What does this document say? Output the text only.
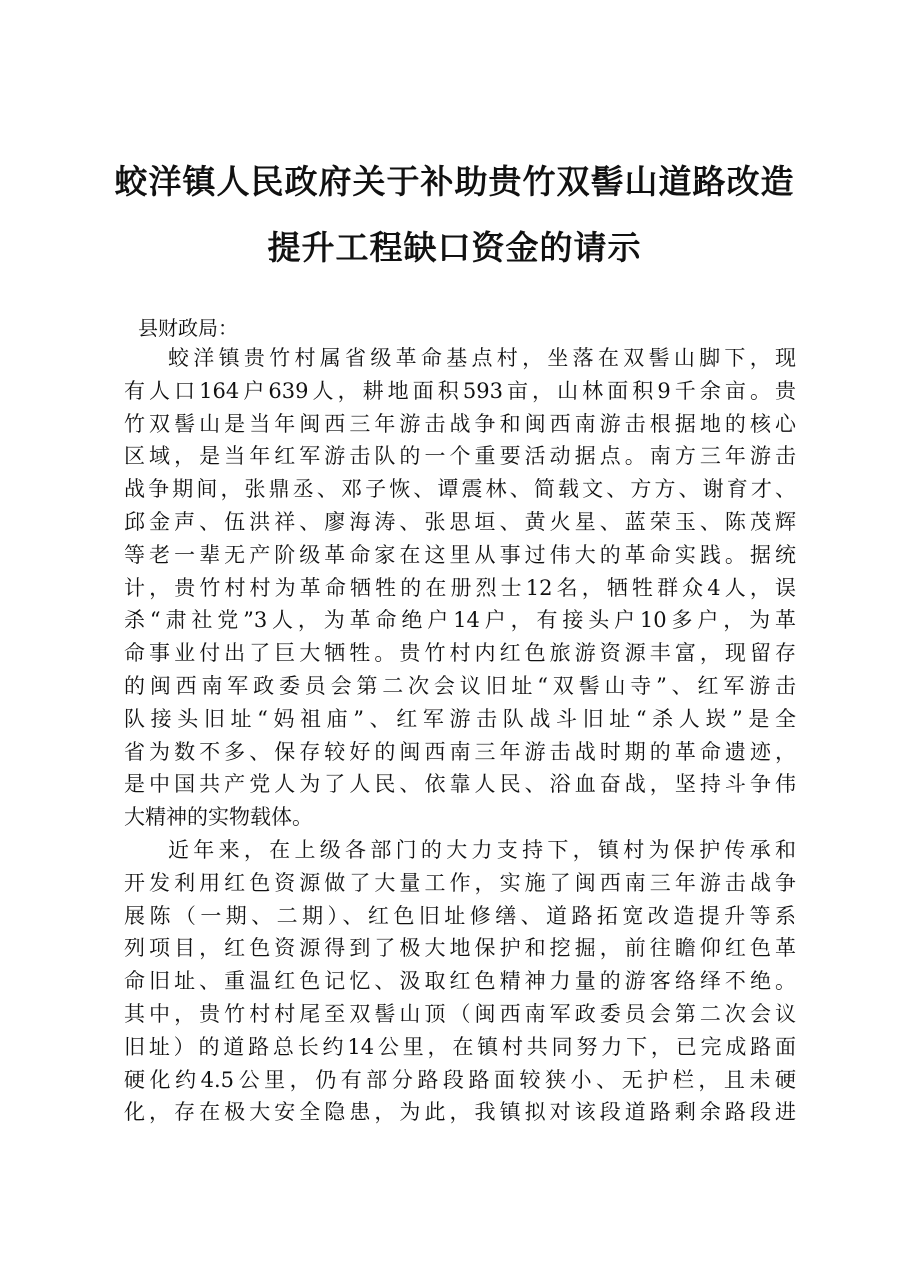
蛟洋镇人民政府关于补助贵竹双髻山道路改造
提升工程缺口资金的请示
县财政局：
蛟洋镇贵竹村属省级革命基点村，坐落在双髻山脚下，现
有人口164户639人，耕地面积593亩，山林面积9千余亩。贵
竹双髻山是当年闽西三年游击战争和闽西南游击根据地的核心
区域，是当年红军游击队的一个重要活动据点。南方三年游击
战争期间，张鼎丞、邓子恢、谭震林、简载文、方方、谢育才、
邱金声、伍洪祥、廖海涛、张思垣、黄火星、蓝荣玉、陈茂辉
等老一辈无产阶级革命家在这里从事过伟大的革命实践。据统
计，贵竹村村为革命牺牲的在册烈士12名，牺牲群众4人，误
杀“肃社党”3人，为革命绝户14户，有接头户10多户，为革
命事业付出了巨大牺牲。贵竹村内红色旅游资源丰富，现留存
的闽西南军政委员会第二次会议旧址“双髻山寺”、红军游击
队接头旧址“妈祖庙”、红军游击队战斗旧址“杀人崁”是全
省为数不多、保存较好的闽西南三年游击战时期的革命遗迹，
是中国共产党人为了人民、依靠人民、浴血奋战，坚持斗争伟
大精神的实物载体。
近年来，在上级各部门的大力支持下，镇村为保护传承和
开发利用红色资源做了大量工作，实施了闽西南三年游击战争
展陈（一期、二期）、红色旧址修缮、道路拓宽改造提升等系
列项目，红色资源得到了极大地保护和挖掘，前往瞻仰红色革
命旧址、重温红色记忆、汲取红色精神力量的游客络绎不绝。
其中，贵竹村村尾至双髻山顶（闽西南军政委员会第二次会议
旧址）的道路总长约14公里，在镇村共同努力下，已完成路面
硬化约4.5公里，仍有部分路段路面较狭小、无护栏，且未硬
化，存在极大安全隐患，为此，我镇拟对该段道路剩余路段进
